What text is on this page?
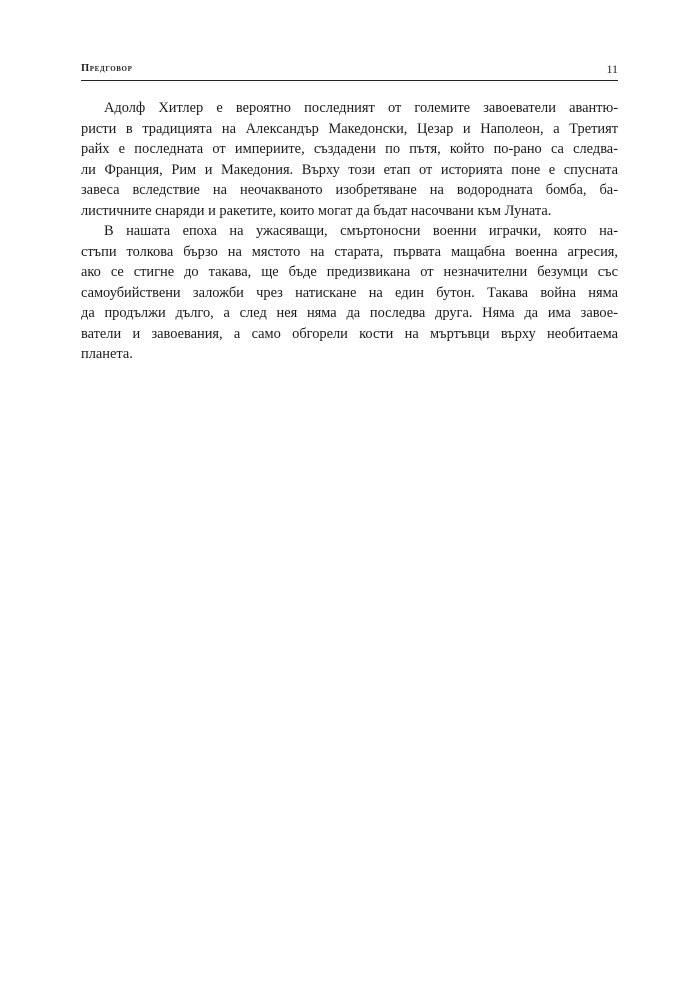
Предговор	11

Адолф Хитлер е вероятно последният от големите завоеватели авантю-
ристи в традицията на Александър Македонски, Цезар и Наполеон, а Третият
райх е последната от империите, създадени по пътя, който по-рано са следва-
ли Франция, Рим и Македония. Върху този етап от историята поне е спусната
завеса вследствие на неочакваното изобретяване на водородната бомба, ба-
листичните снаряди и ракетите, които могат да бъдат насочвани към Луната.

В нашата епоха на ужасяващи, смъртоносни военни играчки, която на-
стъпи толкова бързо на мястото на старата, първата мащабна военна агресия,
ако се стигне до такава, ще бъде предизвикана от незначителни безумци със
самоубийствени заложби чрез натискане на един бутон. Такава война няма
да продължи дълго, а след нея няма да последва друга. Няма да има завое-
ватели и завоевания, а само обгорели кости на мъртъвци върху необитаема
планета.
